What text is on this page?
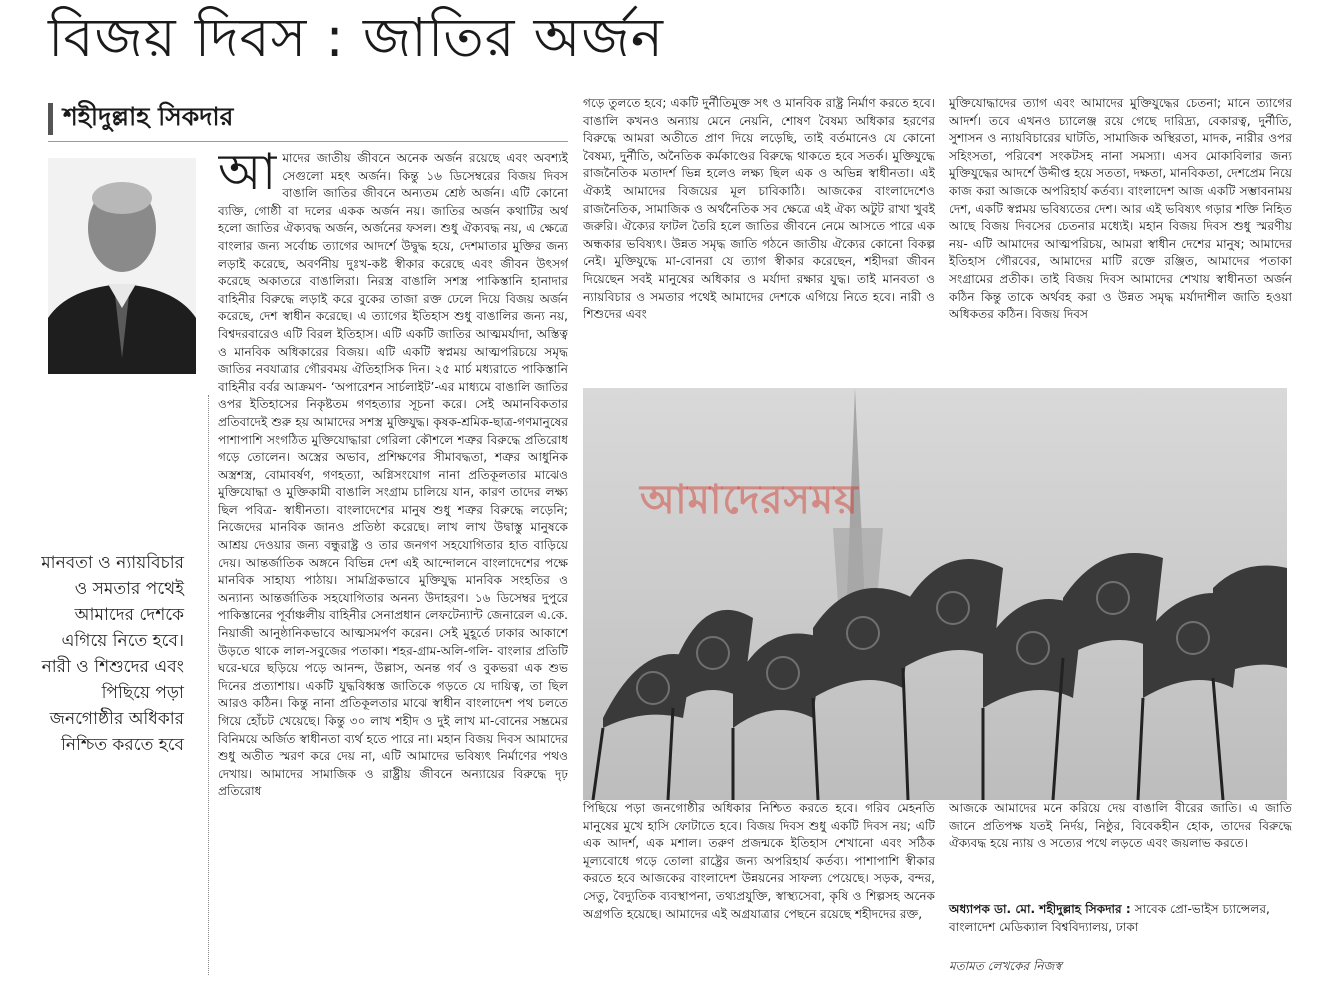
বিজয় দিবস : জাতির অর্জন
শহীদুল্লাহ সিকদার
মানবতা ও ন্যায়বিচার ও সমতার পথেই আমাদের দেশকে এগিয়ে নিতে হবে। নারী ও শিশুদের এবং পিছিয়ে পড়া জনগোষ্ঠীর অধিকার নিশ্চিত করতে হবে
আ মাদের জাতীয় জীবনে অনেক অর্জন রয়েছে এবং অবশ্যই সেগুলো মহৎ অর্জন। কিন্তু ১৬ ডিসেম্বরের বিজয় দিবস বাঙালি জাতির জীবনে অন্যতম শ্রেষ্ঠ অর্জন। এটি কোনো ব্যক্তি, গোষ্ঠী বা দলের একক অর্জন নয়। জাতির অর্জন কথাটির অর্থ হলো জাতির ঐক্যবদ্ধ অর্জন, অর্জনের ফসল। শুধু ঐক্যবদ্ধ নয়, এ ক্ষেত্রে বাংলার জন্য সর্বোচ্চ ত্যাগের আদর্শে উদ্বুদ্ধ হয়ে, দেশমাতার মুক্তির জন্য লড়াই করেছে, অবর্ণনীয় দুঃখ-কষ্ট স্বীকার করেছে এবং জীবন উৎসর্গ করেছে অকাতরে বাঙালিরা। নিরস্ত্র বাঙালি সশস্ত্র পাকিস্তানি হানাদার বাহিনীর বিরুদ্ধে লড়াই করে বুকের তাজা রক্ত ঢেলে দিয়ে বিজয় অর্জন করেছে, দেশ স্বাধীন করেছে। এ ত্যাগের ইতিহাস শুধু বাঙালির জন্য নয়, বিশ্বদরবারেও এটি বিরল ইতিহাস। এটি একটি জাতির আত্মমর্যাদা, অস্তিত্ব ও মানবিক অধিকারের বিজয়। এটি একটি স্বপ্নময় আত্মপরিচয়ে সমৃদ্ধ জাতির নবযাত্রার গৌরবময় ঐতিহাসিক দিন। ২৫ মার্চ মধ্যরাতে পাকিস্তানি বাহিনীর বর্বর আক্রমণ- ‘অপারেশন সার্চলাইট’-এর মাধ্যমে বাঙালি জাতির ওপর ইতিহাসের নিকৃষ্টতম গণহত্যার সূচনা করে। সেই অমানবিকতার প্রতিবাদেই শুরু হয় আমাদের সশস্ত্র মুক্তিযুদ্ধ। কৃষক-শ্রমিক-ছাত্র-গণমানুষের পাশাপাশি সংগঠিত মুক্তিযোদ্ধারা গেরিলা কৌশলে শত্রুর বিরুদ্ধে প্রতিরোধ গড়ে তোলেন। অস্ত্রের অভাব, প্রশিক্ষণের সীমাবদ্ধতা, শত্রুর আধুনিক অস্ত্রশস্ত্র, বোমাবর্ষণ, গণহত্যা, অগ্নিসংযোগ নানা প্রতিকূলতার মাঝেও মুক্তিযোদ্ধা ও মুক্তিকামী বাঙালি সংগ্রাম চালিয়ে যান, কারণ তাদের লক্ষ্য ছিল পবিত্র- স্বাধীনতা। বাংলাদেশের মানুষ শুধু শত্রুর বিরুদ্ধে লড়েনি; নিজেদের মানবিক জানও প্রতিষ্ঠা করেছে। লাখ লাখ উদ্বাস্তু মানুষকে আশ্রয় দেওয়ার জন্য বন্ধুরাষ্ট্র ও তার জনগণ সহযোগিতার হাত বাড়িয়ে দেয়। আন্তর্জাতিক অঙ্গনে বিভিন্ন দেশ এই আন্দোলনে বাংলাদেশের পক্ষে মানবিক সাহায্য পাঠায়। সামগ্রিকভাবে মুক্তিযুদ্ধ মানবিক সংহতির ও অন্যান্য আন্তর্জাতিক সহযোগিতার অনন্য উদাহরণ। ১৬ ডিসেম্বর দুপুরে পাকিস্তানের পূর্বাঞ্চলীয় বাহিনীর সেনাপ্রধান লেফটেন্যান্ট জেনারেল এ.কে. নিয়াজী আনুষ্ঠানিকভাবে আত্মসমর্পণ করেন। সেই মুহূর্তে ঢাকার আকাশে উড়তে থাকে লাল-সবুজের পতাকা। শহর-গ্রাম-অলি-গলি- বাংলার প্রতিটি ঘরে-ঘরে ছড়িয়ে পড়ে আনন্দ, উল্লাস, অনন্ত গর্ব ও বুকভরা এক শুভ দিনের প্রত্যাশায়। একটি যুদ্ধবিধ্বস্ত জাতিকে গড়তে যে দায়িত্ব, তা ছিল আরও কঠিন। কিন্তু নানা প্রতিকূলতার মাঝে স্বাধীন বাংলাদেশ পথ চলতে গিয়ে হোঁচট খেয়েছে। কিন্তু ৩০ লাখ শহীদ ও দুই লাখ মা-বোনের সম্ভ্রমের বিনিময়ে অর্জিত স্বাধীনতা ব্যর্থ হতে পারে না। মহান বিজয় দিবস আমাদের শুধু অতীত স্মরণ করে দেয় না, এটি আমাদের ভবিষ্যৎ নির্মাণের পথও দেখায়। আমাদের সামাজিক ও রাষ্ট্রীয় জীবনে অন্যায়ের বিরুদ্ধে দৃঢ় প্রতিরোধ
গড়ে তুলতে হবে; একটি দুর্নীতিমুক্ত সৎ ও মানবিক রাষ্ট্র নির্মাণ করতে হবে। বাঙালি কখনও অন্যায় মেনে নেয়নি, শোষণ বৈষম্য অধিকার হরণের বিরুদ্ধে আমরা অতীতে প্রাণ দিয়ে লড়েছি, তাই বর্তমানেও যে কোনো বৈষম্য, দুর্নীতি, অনৈতিক কর্মকাণ্ডের বিরুদ্ধে থাকতে হবে সতর্ক। মুক্তিযুদ্ধে রাজনৈতিক মতাদর্শ ভিন্ন হলেও লক্ষ্য ছিল এক ও অভিন্ন স্বাধীনতা। এই ঐক্যই আমাদের বিজয়ের মূল চাবিকাঠি। আজকের বাংলাদেশেও রাজনৈতিক, সামাজিক ও অর্থনৈতিক সব ক্ষেত্রে এই ঐক্য অটুট রাখা খুবই জরুরি। ঐক্যের ফাটল তৈরি হলে জাতির জীবনে নেমে আসতে পারে এক অন্ধকার ভবিষ্যৎ। উন্নত সমৃদ্ধ জাতি গঠনে জাতীয় ঐক্যের কোনো বিকল্প নেই। মুক্তিযুদ্ধে মা-বোনরা যে ত্যাগ স্বীকার করেছেন, শহীদরা জীবন দিয়েছেন সবই মানুষের অধিকার ও মর্যাদা রক্ষার যুদ্ধ। তাই মানবতা ও ন্যায়বিচার ও সমতার পথেই আমাদের দেশকে এগিয়ে নিতে হবে। নারী ও শিশুদের এবং
মুক্তিযোদ্ধাদের ত্যাগ এবং আমাদের মুক্তিযুদ্ধের চেতনা; মানে ত্যাগের আদর্শ। তবে এখনও চ্যালেঞ্জ রয়ে গেছে দারিদ্র্য, বেকারত্ব, দুর্নীতি, সুশাসন ও ন্যায়বিচারের ঘাটতি, সামাজিক অস্থিরতা, মাদক, নারীর ওপর সহিংসতা, পরিবেশ সংকটসহ নানা সমস্যা। এসব মোকাবিলার জন্য মুক্তিযুদ্ধের আদর্শে উদ্দীপ্ত হয়ে সততা, দক্ষতা, মানবিকতা, দেশপ্রেম নিয়ে কাজ করা আজকে অপরিহার্য কর্তব্য। বাংলাদেশ আজ একটি সম্ভাবনাময় দেশ, একটি স্বপ্নময় ভবিষ্যতের দেশ। আর এই ভবিষ্যৎ গড়ার শক্তি নিহিত আছে বিজয় দিবসের চেতনার মধ্যেই। মহান বিজয় দিবস শুধু স্মরণীয় নয়- এটি আমাদের আত্মপরিচয়, আমরা স্বাধীন দেশের মানুষ; আমাদের ইতিহাস গৌরবের, আমাদের মাটি রক্তে রঞ্জিত, আমাদের পতাকা সংগ্রামের প্রতীক। তাই বিজয় দিবস আমাদের শেখায় স্বাধীনতা অর্জন কঠিন কিন্তু তাকে অর্থবহ করা ও উন্নত সমৃদ্ধ মর্যাদাশীল জাতি হওয়া অধিকতর কঠিন। বিজয় দিবস
আমাদেরসময়
পিছিয়ে পড়া জনগোষ্ঠীর অধিকার নিশ্চিত করতে হবে। গরিব মেহনতি মানুষের মুখে হাসি ফোটাতে হবে। বিজয় দিবস শুধু একটি দিবস নয়; এটি এক আদর্শ, এক মশাল। তরুণ প্রজন্মকে ইতিহাস শেখানো এবং সঠিক মূল্যবোধে গড়ে তোলা রাষ্ট্রের জন্য অপরিহার্য কর্তব্য। পাশাপাশি স্বীকার করতে হবে আজকের বাংলাদেশ উন্নয়নের সাফল্য পেয়েছে। সড়ক, বন্দর, সেতু, বৈদ্যুতিক ব্যবস্থাপনা, তথ্যপ্রযুক্তি, স্বাস্থ্যসেবা, কৃষি ও শিল্পসহ অনেক অগ্রগতি হয়েছে। আমাদের এই অগ্রযাত্রার পেছনে রয়েছে শহীদদের রক্ত,
আজকে আমাদের মনে করিয়ে দেয় বাঙালি বীরের জাতি। এ জাতি জানে প্রতিপক্ষ যতই নির্দয়, নিষ্ঠুর, বিবেকহীন হোক, তাদের বিরুদ্ধে ঐক্যবদ্ধ হয়ে ন্যায় ও সত্যের পথে লড়তে এবং জয়লাভ করতে।
অধ্যাপক ডা. মো. শহীদুল্লাহ সিকদার : সাবেক প্রো-ভাইস চ্যান্সেলর, বাংলাদেশ মেডিক্যাল বিশ্ববিদ্যালয়, ঢাকা
মতামত লেখকের নিজস্ব
